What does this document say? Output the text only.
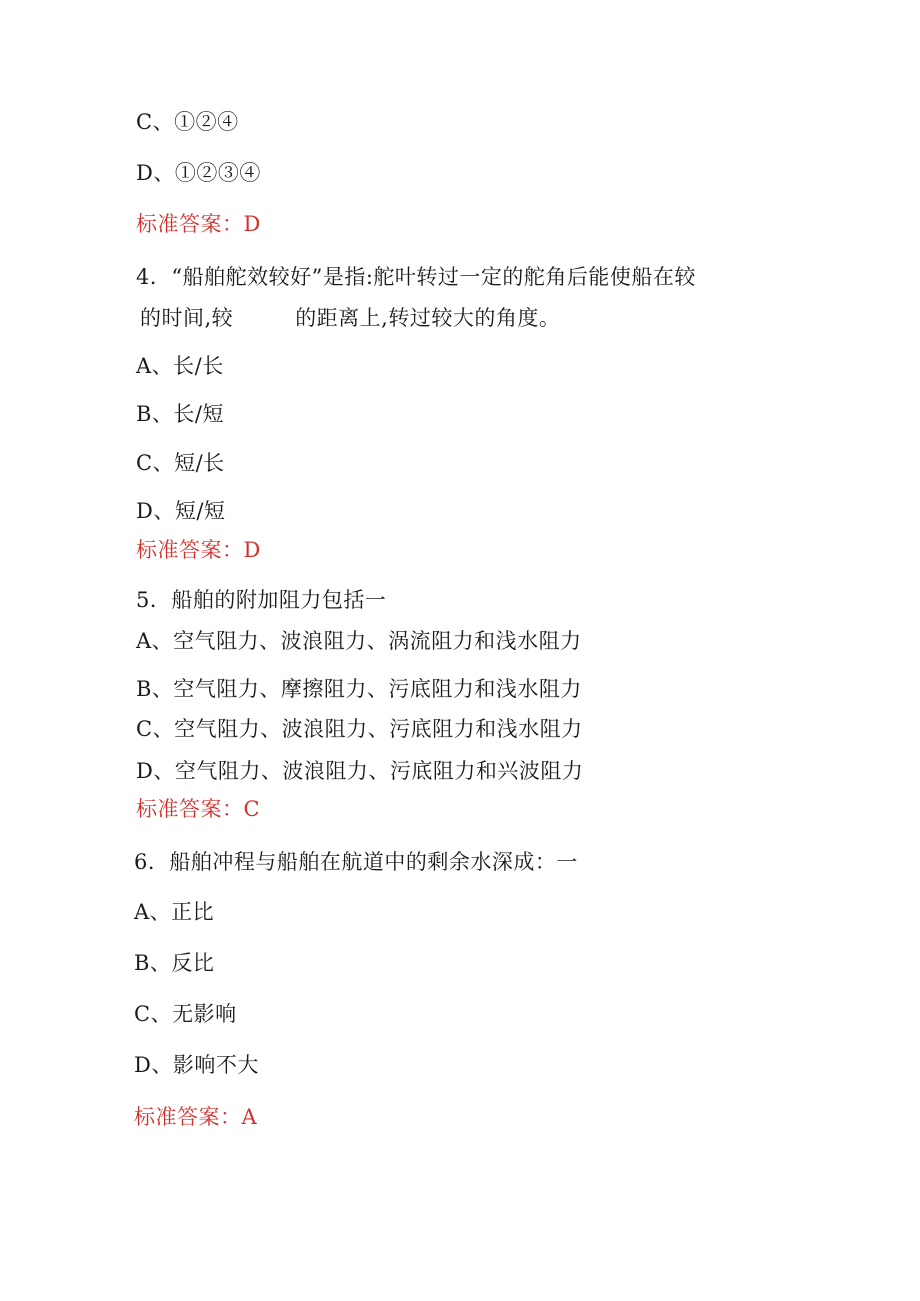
C、①②④
D、①②③④
标准答案：D
4．“船舶舵效较好”是指:舵叶转过一定的舵角后能使船在较
的时间,较	的距离上,转过较大的角度。
A、长/长
B、长/短
C、短/长
D、短/短
标准答案：D
5．船舶的附加阻力包括一
A、空气阻力、波浪阻力、涡流阻力和浅水阻力
B、空气阻力、摩擦阻力、污底阻力和浅水阻力
C、空气阻力、波浪阻力、污底阻力和浅水阻力
D、空气阻力、波浪阻力、污底阻力和兴波阻力
标准答案：C
6．船舶冲程与船舶在航道中的剩余水深成：一
A、正比
B、反比
C、无影响
D、影响不大
标准答案：A
